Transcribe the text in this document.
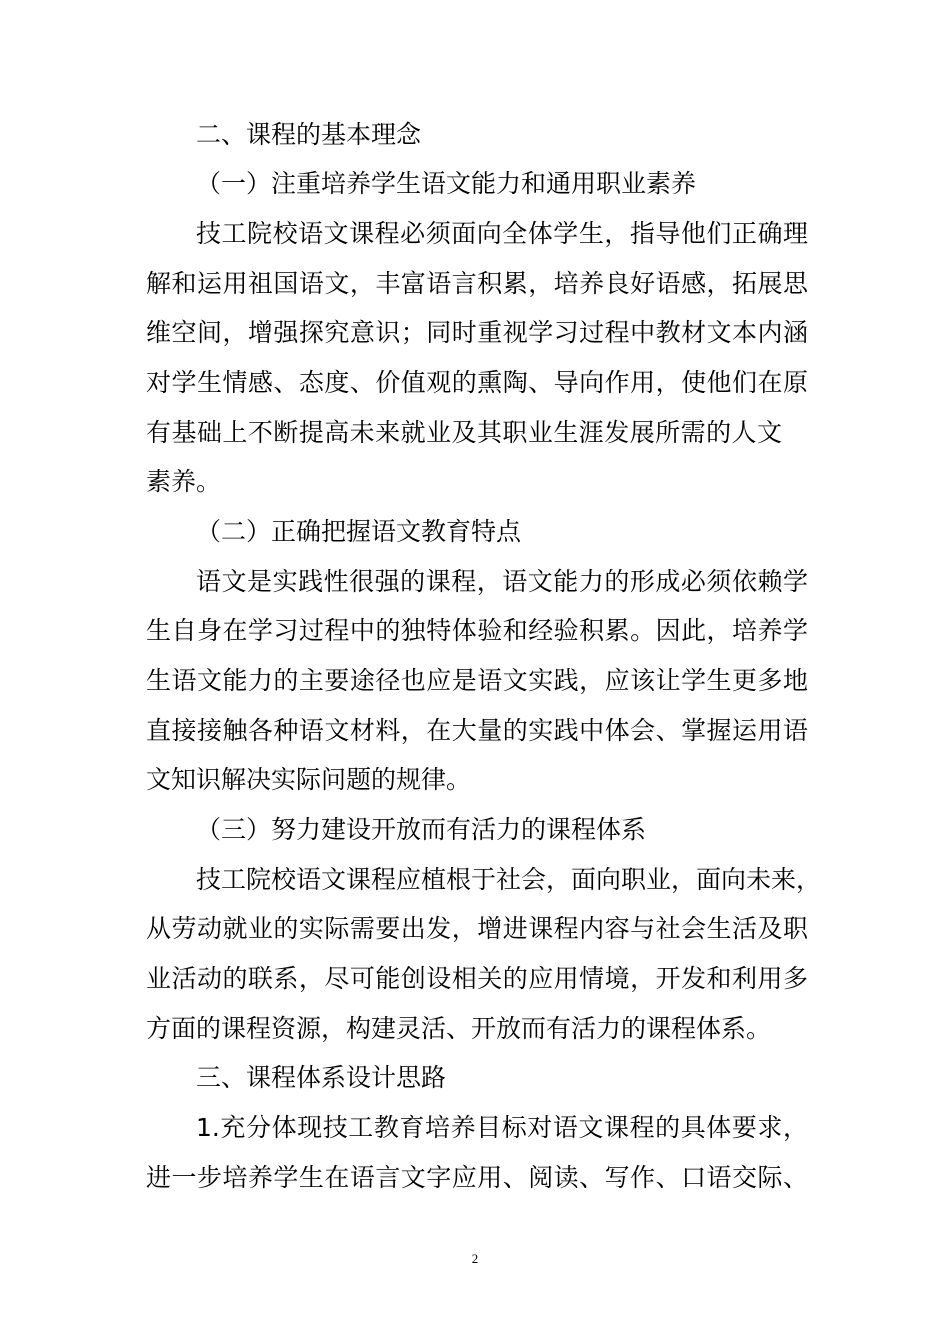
二、课程的基本理念
（一）注重培养学生语文能力和通用职业素养
技工院校语文课程必须面向全体学生，指导他们正确理
解和运用祖国语文，丰富语言积累，培养良好语感，拓展思
维空间，增强探究意识；同时重视学习过程中教材文本内涵
对学生情感、态度、价值观的熏陶、导向作用，使他们在原
有基础上不断提高未来就业及其职业生涯发展所需的人文
素养。
（二）正确把握语文教育特点
语文是实践性很强的课程，语文能力的形成必须依赖学
生自身在学习过程中的独特体验和经验积累。因此，培养学
生语文能力的主要途径也应是语文实践，应该让学生更多地
直接接触各种语文材料，在大量的实践中体会、掌握运用语
文知识解决实际问题的规律。
（三）努力建设开放而有活力的课程体系
技工院校语文课程应植根于社会，面向职业，面向未来，
从劳动就业的实际需要出发，增进课程内容与社会生活及职
业活动的联系，尽可能创设相关的应用情境，开发和利用多
方面的课程资源，构建灵活、开放而有活力的课程体系。
三、课程体系设计思路
1.充分体现技工教育培养目标对语文课程的具体要求，
进一步培养学生在语言文字应用、阅读、写作、口语交际、
2
